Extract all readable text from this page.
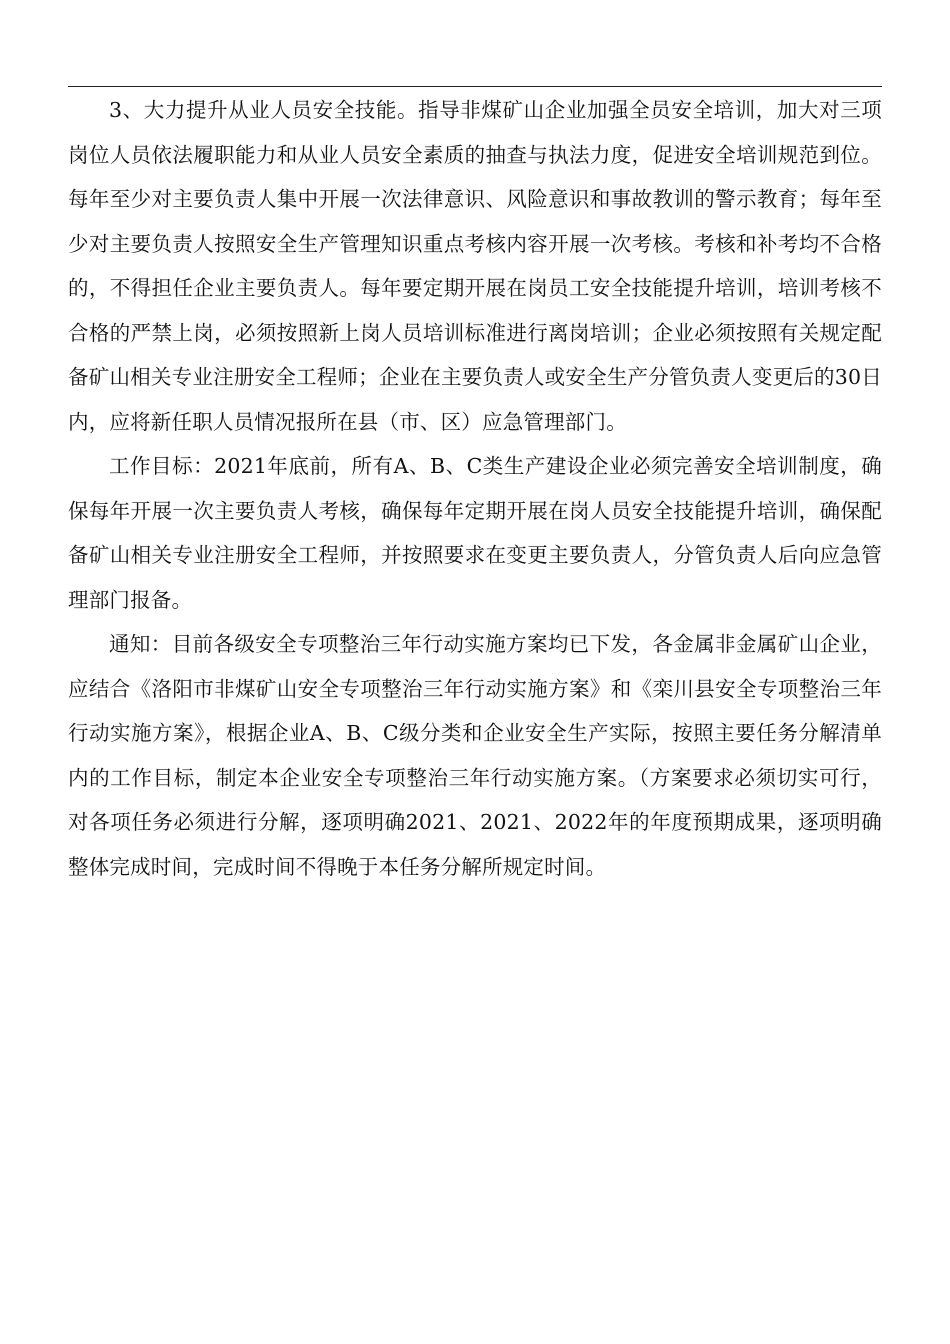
3、大力提升从业人员安全技能。指导非煤矿山企业加强全员安全培训，加大对三项岗位人员依法履职能力和从业人员安全素质的抽查与执法力度，促进安全培训规范到位。每年至少对主要负责人集中开展一次法律意识、风险意识和事故教训的警示教育；每年至少对主要负责人按照安全生产管理知识重点考核内容开展一次考核。考核和补考均不合格的，不得担任企业主要负责人。每年要定期开展在岗员工安全技能提升培训，培训考核不合格的严禁上岗，必须按照新上岗人员培训标准进行离岗培训；企业必须按照有关规定配备矿山相关专业注册安全工程师；企业在主要负责人或安全生产分管负责人变更后的30日内，应将新任职人员情况报所在县（市、区）应急管理部门。

工作目标：2021年底前，所有A、B、C类生产建设企业必须完善安全培训制度，确保每年开展一次主要负责人考核，确保每年定期开展在岗人员安全技能提升培训，确保配备矿山相关专业注册安全工程师，并按照要求在变更主要负责人，分管负责人后向应急管理部门报备。

通知：目前各级安全专项整治三年行动实施方案均已下发，各金属非金属矿山企业，应结合《洛阳市非煤矿山安全专项整治三年行动实施方案》和《栾川县安全专项整治三年行动实施方案》，根据企业A、B、C级分类和企业安全生产实际，按照主要任务分解清单内的工作目标，制定本企业安全专项整治三年行动实施方案。（方案要求必须切实可行，对各项任务必须进行分解，逐项明确2021、2021、2022年的年度预期成果，逐项明确整体完成时间，完成时间不得晚于本任务分解所规定时间。
